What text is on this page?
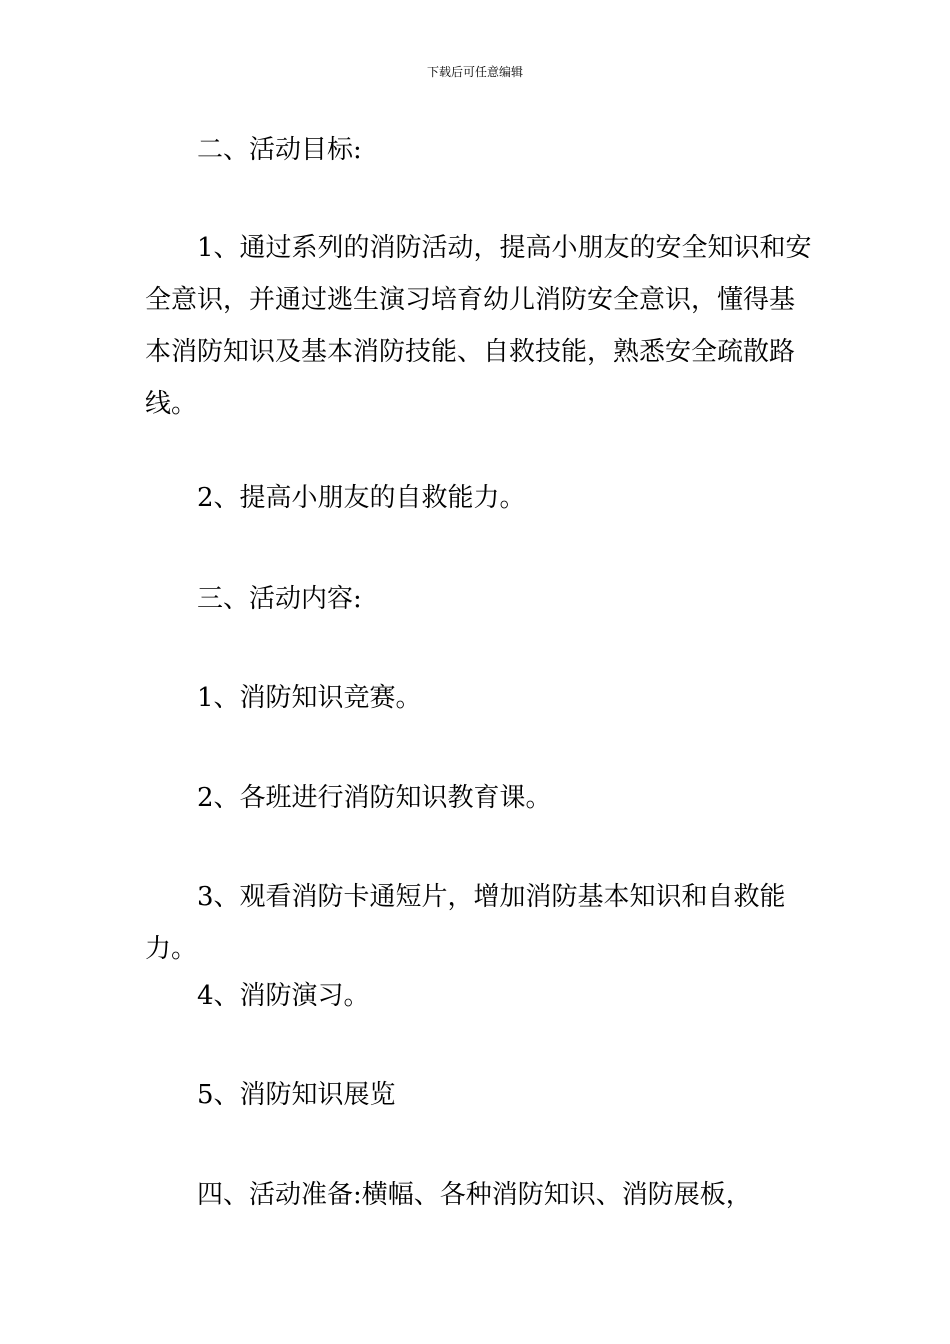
下载后可任意编辑

二、活动目标:

1、通过系列的消防活动，提高小朋友的安全知识和安全意识，并通过逃生演习培育幼儿消防安全意识，懂得基本消防知识及基本消防技能、自救技能，熟悉安全疏散路线。

2、提高小朋友的自救能力。

三、活动内容:

1、消防知识竞赛。

2、各班进行消防知识教育课。

3、观看消防卡通短片，增加消防基本知识和自救能力。

4、消防演习。

5、消防知识展览

四、活动准备:横幅、各种消防知识、消防展板，
